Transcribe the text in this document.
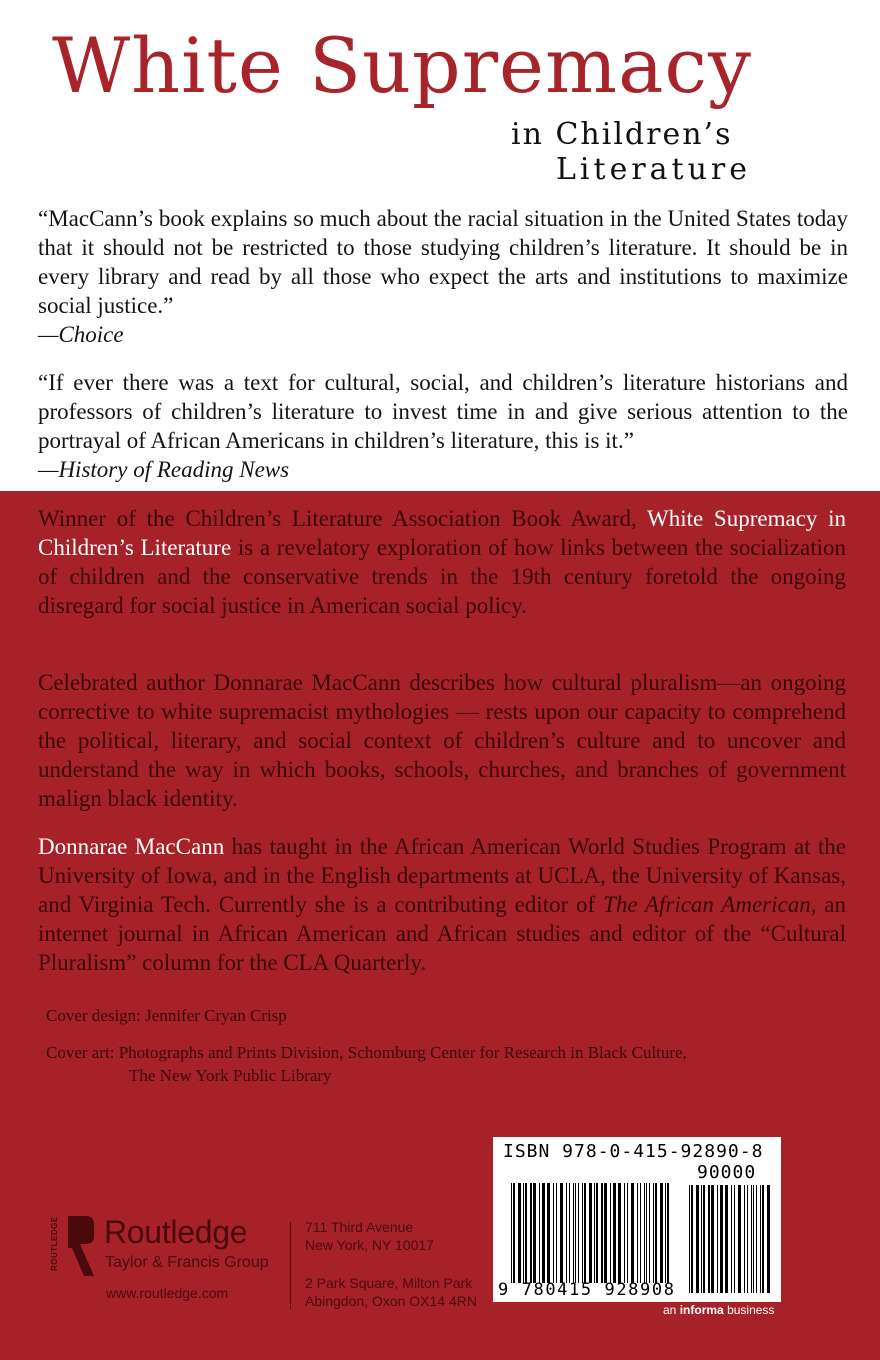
White Supremacy
in Children’s
Literature

“MacCann’s book explains so much about the racial situation in the United States today that it should not be restricted to those studying children’s literature. It should be in every library and read by all those who expect the arts and institutions to maximize social justice.”

—Choice

“If ever there was a text for cultural, social, and children’s literature historians and professors of children’s literature to invest time in and give serious attention to the portrayal of African Americans in children’s literature, this is it.”

—History of Reading News

Winner of the Children’s Literature Association Book Award, White Supremacy in Children’s Literature is a revelatory exploration of how links between the socialization of children and the conservative trends in the 19th century foretold the ongoing disregard for social justice in American social policy.

Celebrated author Donnarae MacCann describes how cultural pluralism—an ongoing corrective to white supremacist mythologies — rests upon our capacity to comprehend the political, literary, and social context of children’s culture and to uncover and understand the way in which books, schools, churches, and branches of government malign black identity.

Donnarae MacCann has taught in the African American World Studies Program at the University of Iowa, and in the English departments at UCLA, the University of Kansas, and Virginia Tech. Currently she is a contributing editor of The African American, an internet journal in African American and African studies and editor of the “Cultural Pluralism” column for the CLA Quarterly.

Cover design: Jennifer Cryan Crisp
Cover art: Photographs and Prints Division, Schomburg Center for Research in Black Culture,
The New York Public Library
ROUTLEDGE Routledge
Taylor & Francis Group
www.routledge.com
711 Third Avenue
New York, NY 10017
2 Park Square, Milton Park
Abingdon, Oxon OX14 4RN
ISBN 978-0-415-92890-8
90000
9 780415 928908
an informa business
